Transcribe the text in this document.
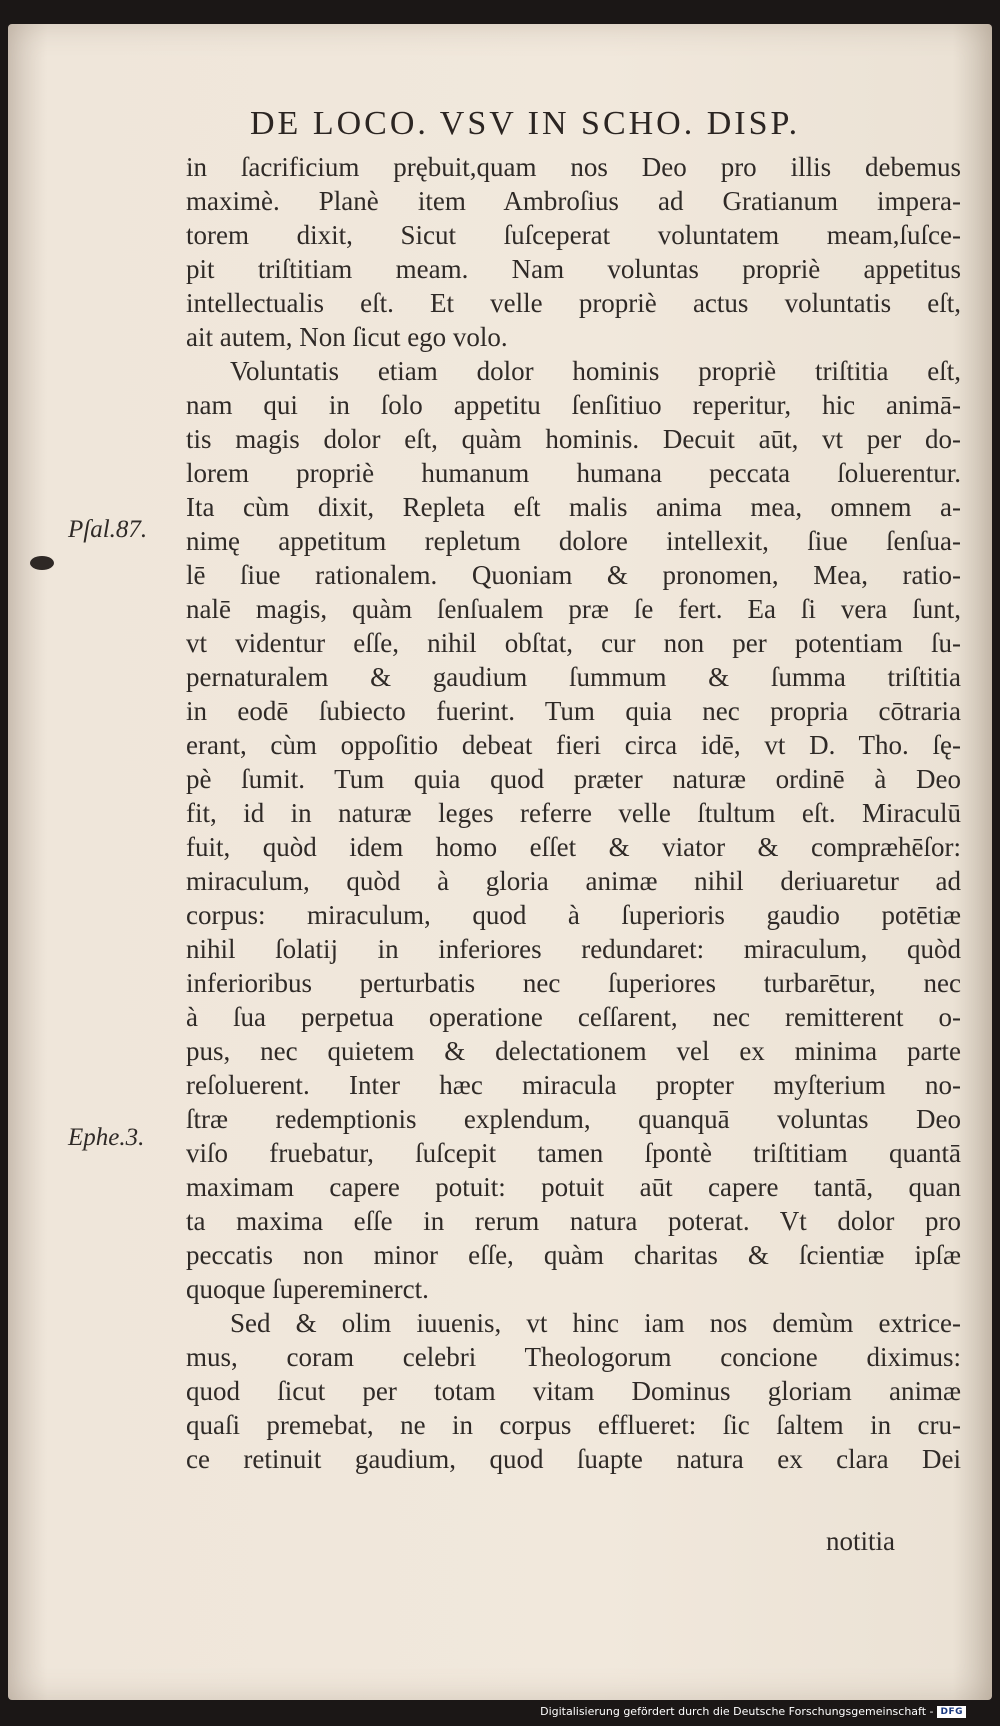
DE LOCO. VSV IN SCHO. DISP.
Pſal.87.
Ephe.3.
in ſacrificium prębuit,quam nos Deo pro illis debemus
maximè. Planè item Ambroſius ad Gratianum impera-
torem dixit, Sicut ſuſceperat voluntatem meam,ſuſce-
pit triſtitiam meam. Nam voluntas propriè appetitus
intellectualis eſt. Et velle propriè actus voluntatis eſt,
ait autem, Non ſicut ego volo.
Voluntatis etiam dolor hominis propriè triſtitia eſt,
nam qui in ſolo appetitu ſenſitiuo reperitur, hic animā-
tis magis dolor eſt, quàm hominis. Decuit aūt, vt per do-
lorem propriè humanum humana peccata ſoluerentur.
Ita cùm dixit, Repleta eſt malis anima mea, omnem a-
nimę appetitum repletum dolore intellexit, ſiue ſenſua-
lē ſiue rationalem. Quoniam & pronomen, Mea, ratio-
nalē magis, quàm ſenſualem præ ſe fert. Ea ſi vera ſunt,
vt videntur eſſe, nihil obſtat, cur non per potentiam ſu-
pernaturalem & gaudium ſummum & ſumma triſtitia
in eodē ſubiecto fuerint. Tum quia nec propria cōtraria
erant, cùm oppoſitio debeat fieri circa idē, vt D. Tho. ſę-
pè ſumit. Tum quia quod præter naturæ ordinē à Deo
fit, id in naturæ leges referre velle ſtultum eſt. Miraculū
fuit, quòd idem homo eſſet & viator & compræhēſor:
miraculum, quòd à gloria animæ nihil deriuaretur ad
corpus: miraculum, quod à ſuperioris gaudio potētiæ
nihil ſolatij in inferiores redundaret: miraculum, quòd
inferioribus perturbatis nec ſuperiores turbarētur, nec
à ſua perpetua operatione ceſſarent, nec remitterent o-
pus, nec quietem & delectationem vel ex minima parte
reſoluerent. Inter hæc miracula propter myſterium no-
ſtræ redemptionis explendum, quanquā voluntas Deo
viſo fruebatur, ſuſcepit tamen ſpontè triſtitiam quantā
maximam capere potuit: potuit aūt capere tantā, quan
ta maxima eſſe in rerum natura poterat. Vt dolor pro
peccatis non minor eſſe, quàm charitas & ſcientiæ ipſæ
quoque ſupereminerct.
Sed & olim iuuenis, vt hinc iam nos demùm extrice-
mus, coram celebri Theologorum concione diximus:
quod ſicut per totam vitam Dominus gloriam animæ
quaſi premebat, ne in corpus efflueret: ſic ſaltem in cru-
ce retinuit gaudium, quod ſuapte natura ex clara Dei
notitia
Digitalisierung gefördert durch die Deutsche Forschungsgemeinschaft - DFG
